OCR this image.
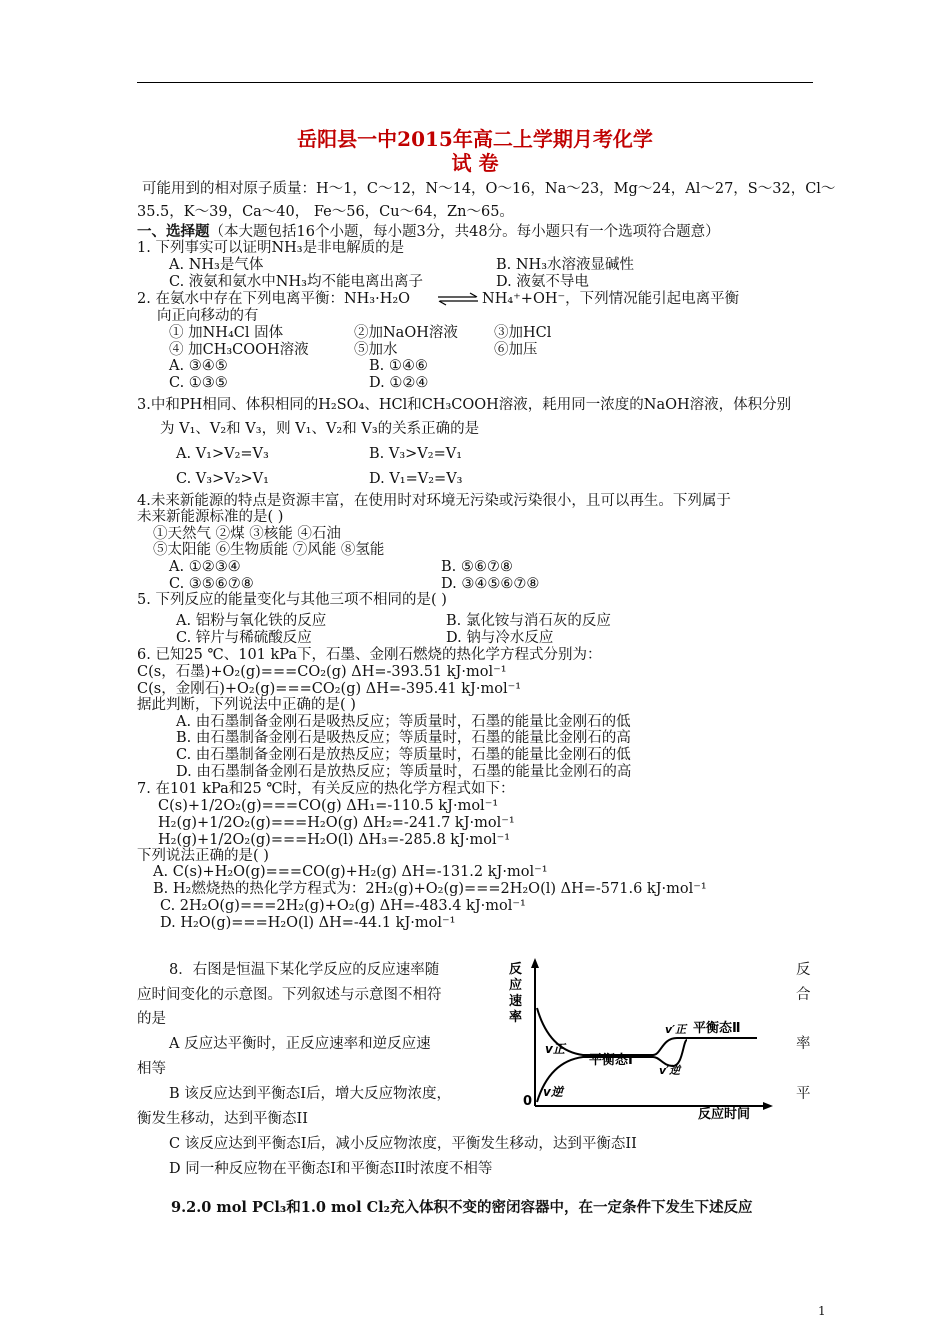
岳阳县一中2015年高二上学期月考化学
试 卷
可能用到的相对原子质量：H～1，C～12，N～14，O～16，Na～23，Mg～24，Al～27，S～32，Cl～
35.5，K～39，Ca～40， Fe～56，Cu～64，Zn～65。
一、选择题（本大题包括16个小题，每小题3分，共48分。每小题只有一个选项符合题意）
1. 下列事实可以证明NH₃是非电解质的是
A. NH₃是气体	B. NH₃水溶液显碱性
C. 液氨和氨水中NH₃均不能电离出离子	D. 液氨不导电
2. 在氨水中存在下列电离平衡：NH₃·H₂O ⇌ NH₄⁺+OH⁻，下列情况能引起电离平衡
向正向移动的有
① 加NH₄Cl 固体	②加NaOH溶液 ③加HCl
④ 加CH₃COOH溶液	⑤加水	⑥加压
A. ③④⑤	B. ①④⑥
C. ①③⑤	D. ①②④
3.中和PH相同、体积相同的H₂SO₄、HCl和CH₃COOH溶液，耗用同一浓度的NaOH溶液，体积分别
为 V₁、V₂和 V₃，则 V₁、V₂和 V₃的关系正确的是
A. V₁>V₂=V₃	B. V₃>V₂=V₁
C. V₃>V₂>V₁	D. V₁=V₂=V₃
4.未来新能源的特点是资源丰富，在使用时对环境无污染或污染很小，且可以再生。下列属于
未来新能源标准的是( )
①天然气 ②煤 ③核能 ④石油
⑤太阳能 ⑥生物质能 ⑦风能 ⑧氢能
A. ①②③④	B. ⑤⑥⑦⑧
C. ③⑤⑥⑦⑧	D. ③④⑤⑥⑦⑧
5. 下列反应的能量变化与其他三项不相同的是( )
A. 铝粉与氧化铁的反应	B. 氯化铵与消石灰的反应
C. 锌片与稀硫酸反应	D. 钠与冷水反应
6. 已知25 ℃、101 kPa下，石墨、金刚石燃烧的热化学方程式分别为：
C(s，石墨)+O₂(g)===CO₂(g) ΔH=-393.51 kJ·mol⁻¹
C(s，金刚石)+O₂(g)===CO₂(g) ΔH=-395.41 kJ·mol⁻¹
据此判断，下列说法中正确的是( )
A. 由石墨制备金刚石是吸热反应；等质量时，石墨的能量比金刚石的低
B. 由石墨制备金刚石是吸热反应；等质量时，石墨的能量比金刚石的高
C. 由石墨制备金刚石是放热反应；等质量时，石墨的能量比金刚石的低
D. 由石墨制备金刚石是放热反应；等质量时，石墨的能量比金刚石的高
7. 在101 kPa和25 ℃时，有关反应的热化学方程式如下：
C(s)+1/2O₂(g)===CO(g) ΔH₁=-110.5 kJ·mol⁻¹
H₂(g)+1/2O₂(g)===H₂O(g) ΔH₂=-241.7 kJ·mol⁻¹
H₂(g)+1/2O₂(g)===H₂O(l) ΔH₃=-285.8 kJ·mol⁻¹
下列说法正确的是( )
A. C(s)+H₂O(g)===CO(g)+H₂(g) ΔH=-131.2 kJ·mol⁻¹
B. H₂燃烧热的热化学方程式为：2H₂(g)+O₂(g)===2H₂O(l) ΔH=-571.6 kJ·mol⁻¹
C. 2H₂O(g)===2H₂(g)+O₂(g) ΔH=-483.4 kJ·mol⁻¹
D. H₂O(g)===H₂O(l) ΔH=-44.1 kJ·mol⁻¹
8．右图是恒温下某化学反应的反应速率随
应时间变化的示意图。下列叙述与示意图不相符
的是
A 反应达平衡时，正反应速率和逆反应速
相等
B 该反应达到平衡态Ⅰ后，增大反应物浓度，
衡发生移动，达到平衡态II
C 该反应达到平衡态Ⅰ后，减小反应物浓度，平衡发生移动，达到平衡态II
D 同一种反应物在平衡态Ⅰ和平衡态II时浓度不相等
反
合
率
平
反
应
速
率
0
反应时间
v正
v逆
平衡态Ⅰ
v′正
v′逆
平衡态Ⅱ
9.2.0 mol PCl₃和1.0 mol Cl₂充入体积不变的密闭容器中，在一定条件下发生下述反应
1
